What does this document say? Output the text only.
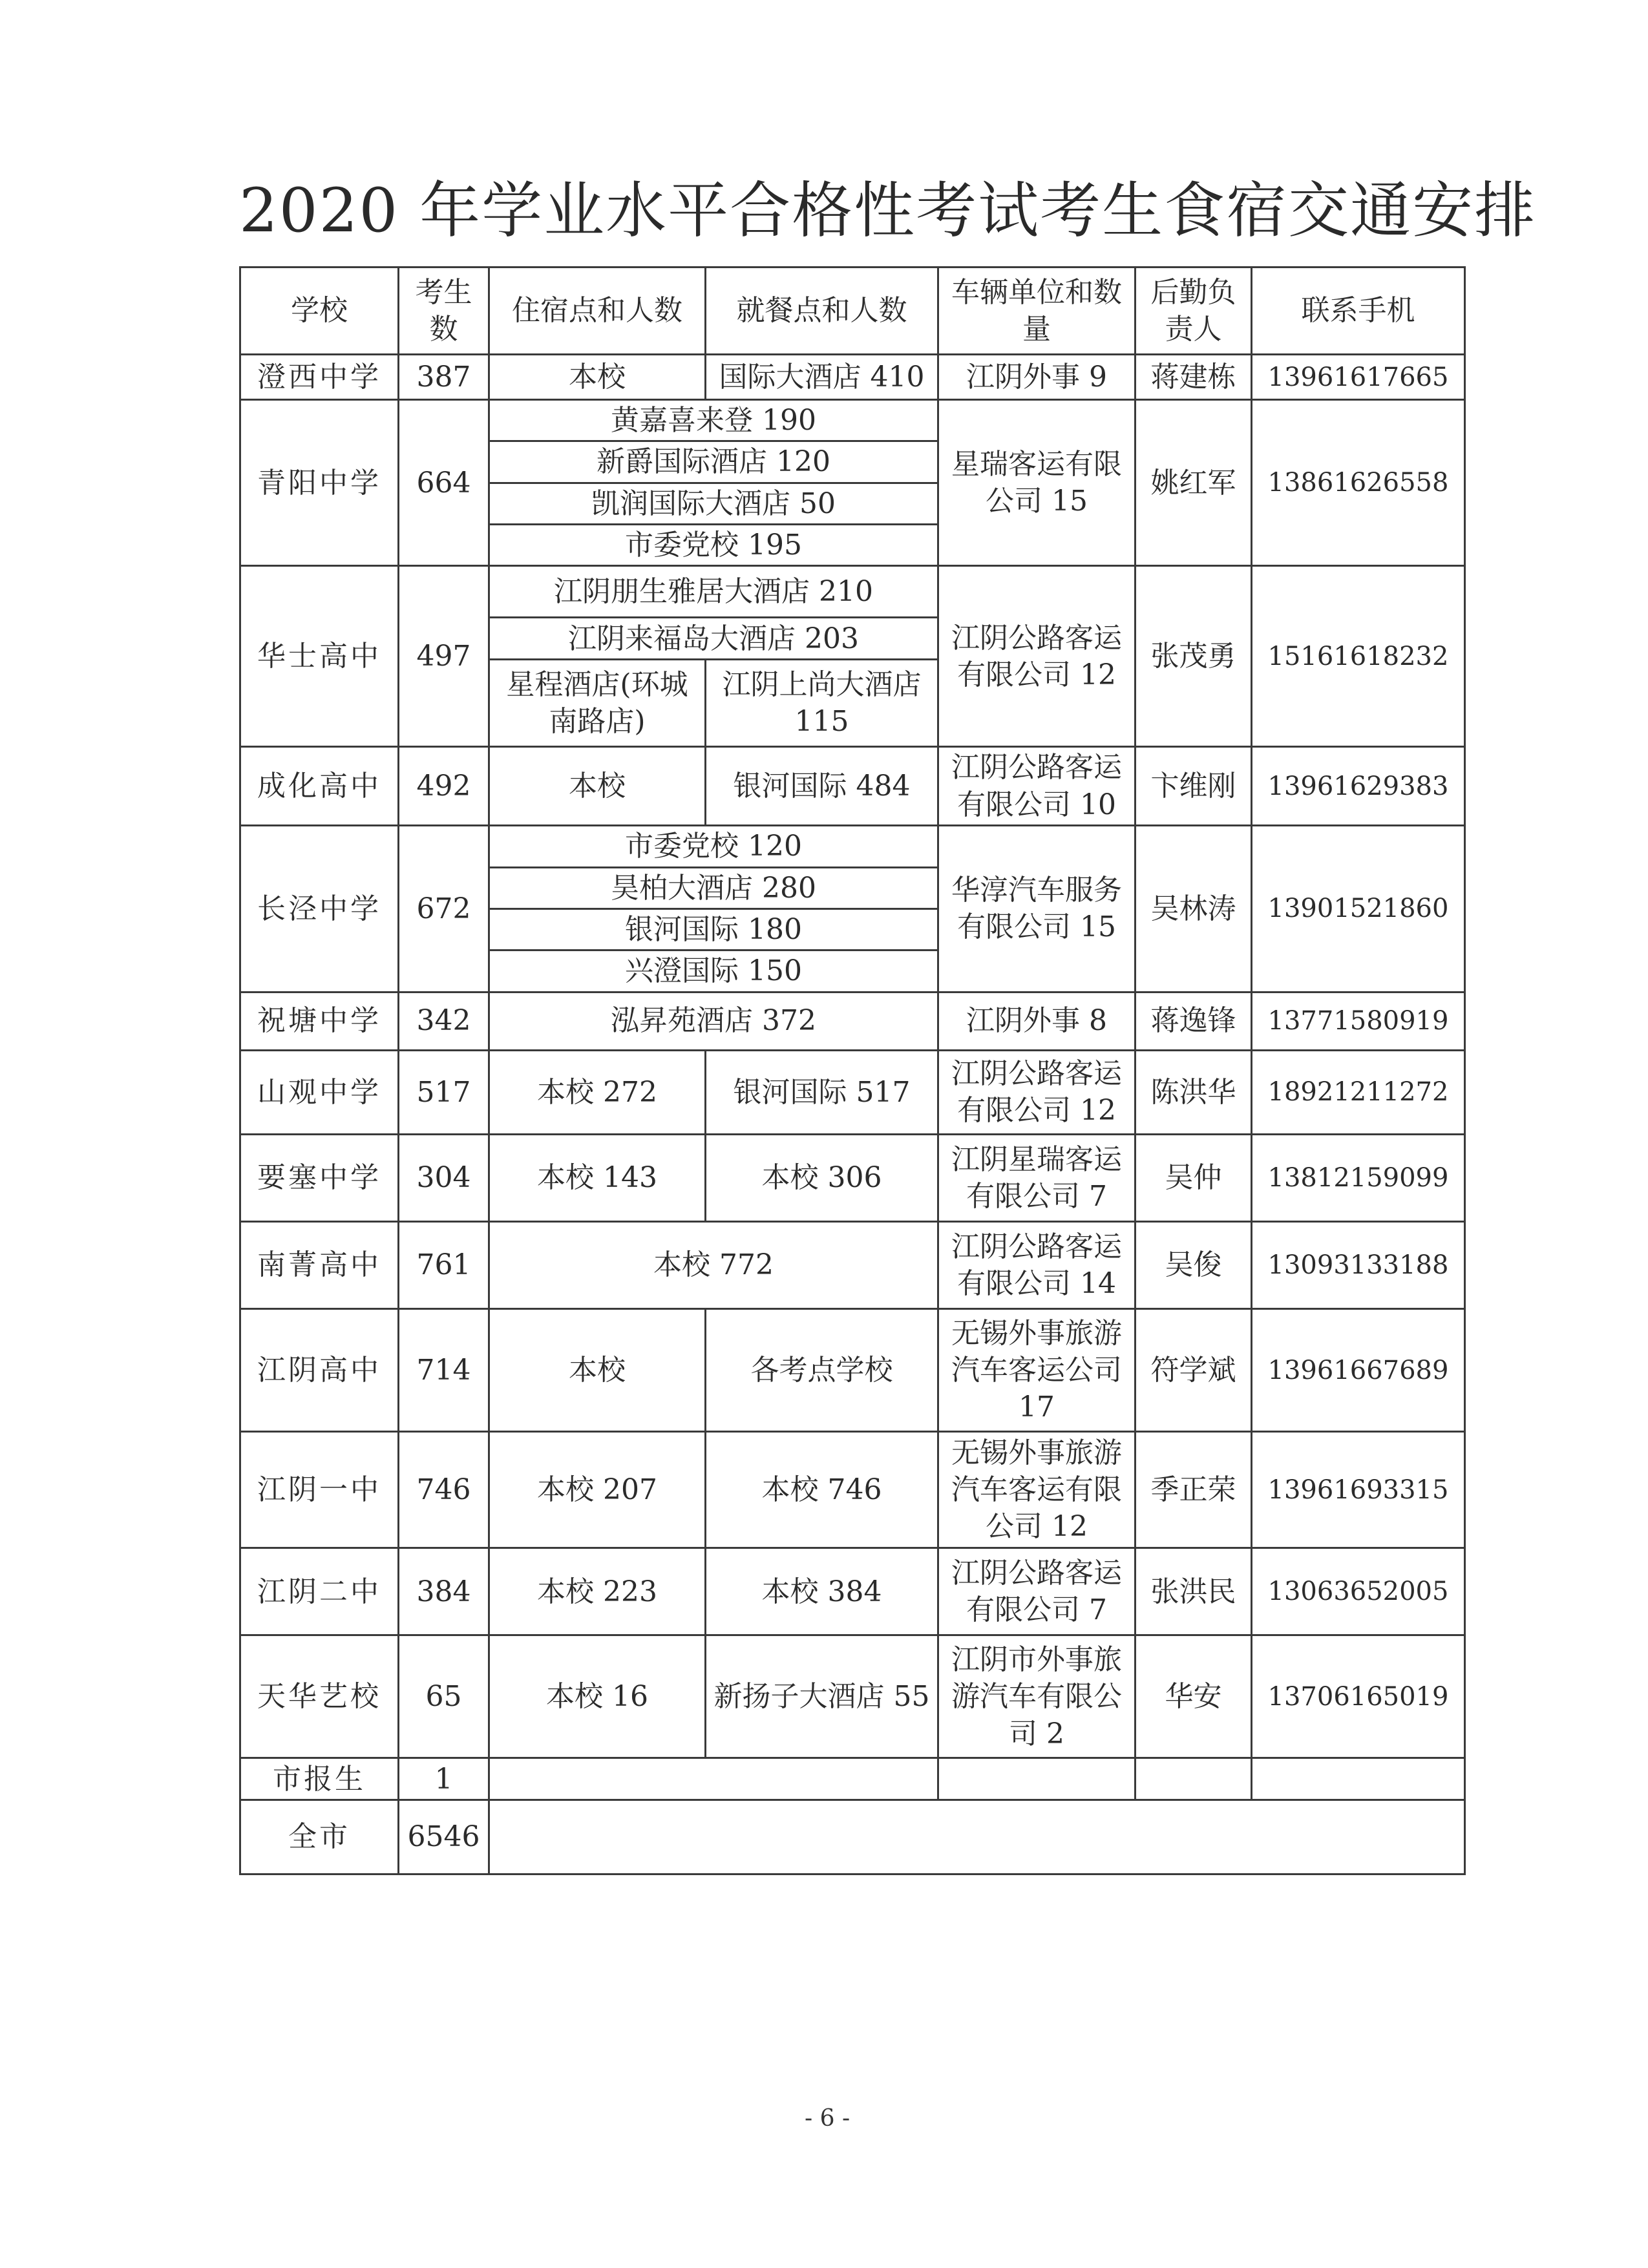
2020 年学业水平合格性考试考生食宿交通安排
学校	考生数	住宿点和人数	就餐点和人数	车辆单位和数量	后勤负责人	联系手机
澄西中学	387	本校	国际大酒店 410	江阴外事 9	蒋建栋	13961617665
青阳中学	664	黄嘉喜来登 190		星瑞客运有限公司 15	姚红军	13861626558
		新爵国际酒店 120				
		凯润国际大酒店 50				
		市委党校 195				
华士高中	497	江阴朋生雅居大酒店 210		江阴公路客运有限公司 12	张茂勇	15161618232
		江阴来福岛大酒店 203				
		星程酒店(环城南路店)	江阴上尚大酒店 115			
成化高中	492	本校	银河国际 484	江阴公路客运有限公司 10	卞维刚	13961629383
长泾中学	672	市委党校 120		华淳汽车服务有限公司 15	吴林涛	13901521860
		昊柏大酒店 280				
		银河国际 180				
		兴澄国际 150				
祝塘中学	342	泓昇苑酒店 372		江阴外事 8	蒋逸锋	13771580919
山观中学	517	本校 272	银河国际 517	江阴公路客运有限公司 12	陈洪华	18921211272
要塞中学	304	本校 143	本校 306	江阴星瑞客运有限公司 7	吴仲	13812159099
南菁高中	761	本校 772		江阴公路客运有限公司 14	吴俊	13093133188
江阴高中	714	本校	各考点学校	无锡外事旅游汽车客运公司 17	符学斌	13961667689
江阴一中	746	本校 207	本校 746	无锡外事旅游汽车客运有限公司 12	季正荣	13961693315
江阴二中	384	本校 223	本校 384	江阴公路客运有限公司 7	张洪民	13063652005
天华艺校	65	本校 16	新扬子大酒店 55	江阴市外事旅游汽车有限公司 2	华安	13706165019
市报生	1					
全市	6546					
- 6 -
